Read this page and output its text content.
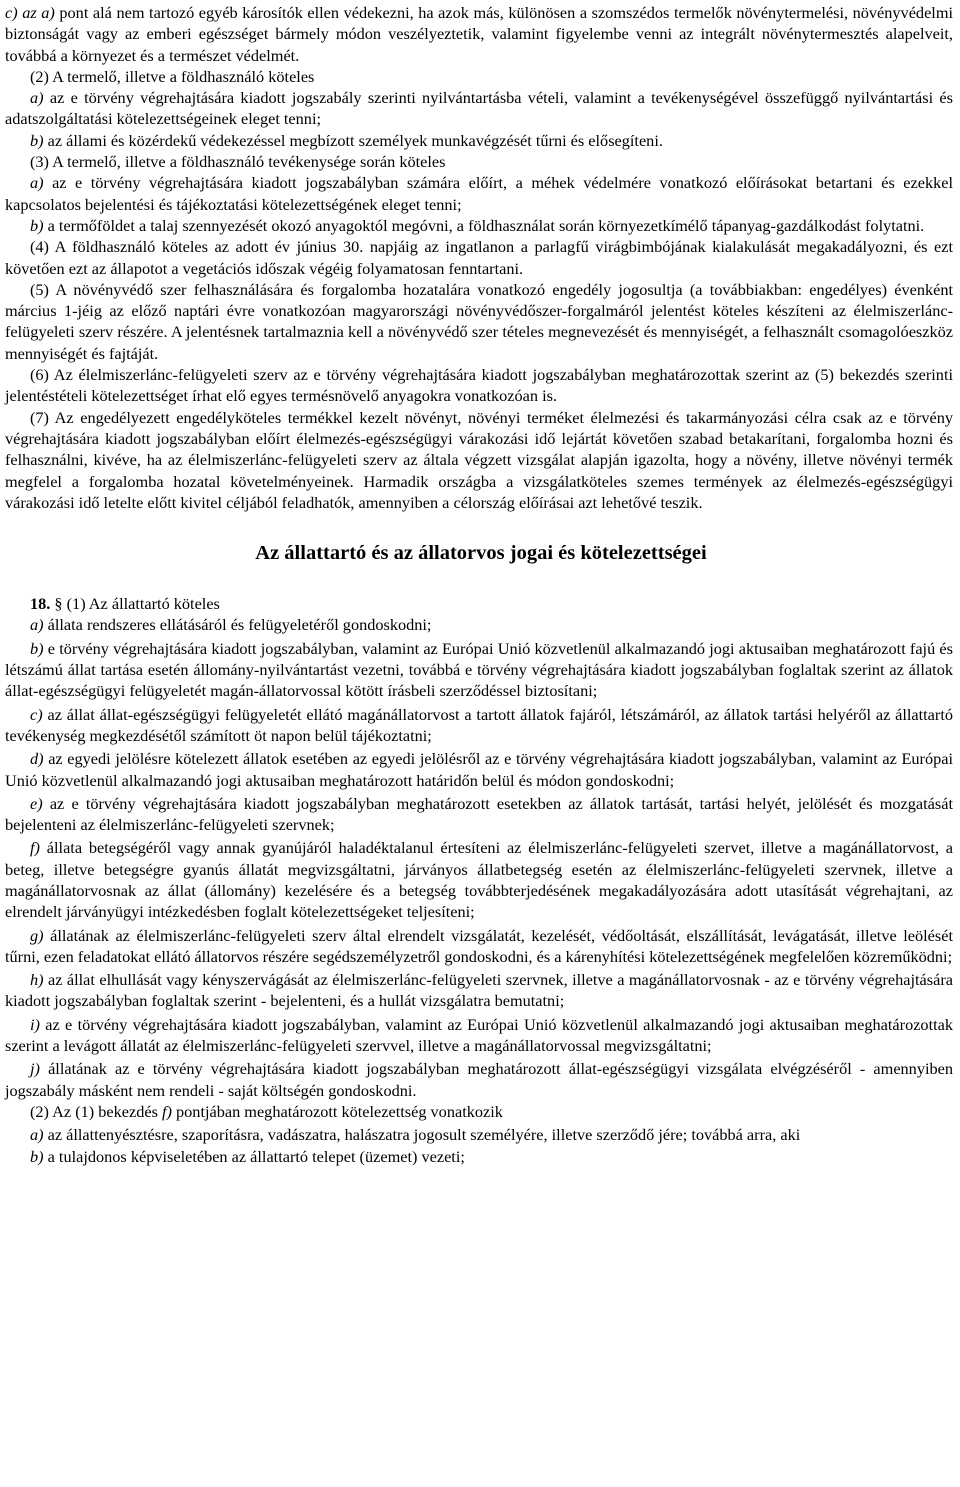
c) az a) pont alá nem tartozó egyéb károsítók ellen védekezni, ha azok más, különösen a szomszédos termelők növénytermelési, növényvédelmi biztonságát vagy az emberi egészséget bármely módon veszélyeztetik, valamint figyelembe venni az integrált növénytermesztés alapelveit, továbbá a környezet és a természet védelmét.

(2) A termelő, illetve a földhasználó köteles

a) az e törvény végrehajtására kiadott jogszabály szerinti nyilvántartásba vételi, valamint a tevékenységével összefüggő nyilvántartási és adatszolgáltatási kötelezettségeinek eleget tenni;

b) az állami és közérdekű védekezéssel megbízott személyek munkavégzését tűrni és elősegíteni.

(3) A termelő, illetve a földhasználó tevékenysége során köteles

a) az e törvény végrehajtására kiadott jogszabályban számára előírt, a méhek védelmére vonatkozó előírásokat betartani és ezekkel kapcsolatos bejelentési és tájékoztatási kötelezettségének eleget tenni;

b) a termőföldet a talaj szennyezését okozó anyagoktól megóvni, a földhasználat során környezetkímélő tápanyag-gazdálkodást folytatni.

(4) A földhasználó köteles az adott év június 30. napjáig az ingatlanon a parlagfű virágbimbójának kialakulását megakadályozni, és ezt követően ezt az állapotot a vegetációs időszak végéig folyamatosan fenntartani.

(5) A növényvédő szer felhasználására és forgalomba hozatalára vonatkozó engedély jogosultja (a továbbiakban: engedélyes) évenként március 1-jéig az előző naptári évre vonatkozóan magyarországi növényvédőszer-forgalmáról jelentést köteles készíteni az élelmiszerlánc-felügyeleti szerv részére. A jelentésnek tartalmaznia kell a növényvédő szer tételes megnevezését és mennyiségét, a felhasznált csomagolóeszköz mennyiségét és fajtáját.

(6) Az élelmiszerlánc-felügyeleti szerv az e törvény végrehajtására kiadott jogszabályban meghatározottak szerint az (5) bekezdés szerinti jelentéstételi kötelezettséget írhat elő egyes termésnövelő anyagokra vonatkozóan is.

(7) Az engedélyezett engedélyköteles termékkel kezelt növényt, növényi terméket élelmezési és takarmányozási célra csak az e törvény végrehajtására kiadott jogszabályban előírt élelmezés-egészségügyi várakozási idő lejártát követően szabad betakarítani, forgalomba hozni és felhasználni, kivéve, ha az élelmiszerlánc-felügyeleti szerv az általa végzett vizsgálat alapján igazolta, hogy a növény, illetve növényi termék megfelel a forgalomba hozatal követelményeinek. Harmadik országba a vizsgálatköteles szemes termények az élelmezés-egészségügyi várakozási idő letelte előtt kivitel céljából feladhatók, amennyiben a célország előírásai azt lehetővé teszik.

Az állattartó és az állatorvos jogai és kötelezettségei

18. § (1) Az állattartó köteles

a) állata rendszeres ellátásáról és felügyeletéről gondoskodni;

b) e törvény végrehajtására kiadott jogszabályban, valamint az Európai Unió közvetlenül alkalmazandó jogi aktusaiban meghatározott fajú és létszámú állat tartása esetén állomány-nyilvántartást vezetni, továbbá e törvény végrehajtására kiadott jogszabályban foglaltak szerint az állatok állat-egészségügyi felügyeletét magán-állatorvossal kötött írásbeli szerződéssel biztosítani;

c) az állat állat-egészségügyi felügyeletét ellátó magánállatorvost a tartott állatok fajáról, létszámáról, az állatok tartási helyéről az állattartó tevékenység megkezdésétől számított öt napon belül tájékoztatni;

d) az egyedi jelölésre kötelezett állatok esetében az egyedi jelölésről az e törvény végrehajtására kiadott jogszabályban, valamint az Európai Unió közvetlenül alkalmazandó jogi aktusaiban meghatározott határidőn belül és módon gondoskodni;

e) az e törvény végrehajtására kiadott jogszabályban meghatározott esetekben az állatok tartását, tartási helyét, jelölését és mozgatását bejelenteni az élelmiszerlánc-felügyeleti szervnek;

f) állata betegségéről vagy annak gyanújáról haladéktalanul értesíteni az élelmiszerlánc-felügyeleti szervet, illetve a magánállatorvost, a beteg, illetve betegségre gyanús állatát megvizsgáltatni, járványos állatbetegség esetén az élelmiszerlánc-felügyeleti szervnek, illetve a magánállatorvosnak az állat (állomány) kezelésére és a betegség továbbterjedésének megakadályozására adott utasítását végrehajtani, az elrendelt járványügyi intézkedésben foglalt kötelezettségeket teljesíteni;

g) állatának az élelmiszerlánc-felügyeleti szerv által elrendelt vizsgálatát, kezelését, védőoltását, elszállítását, levágatását, illetve leölését tűrni, ezen feladatokat ellátó állatorvos részére segédszemélyzetről gondoskodni, és a kárenyhítési kötelezettségének megfelelően közreműködni;

h) az állat elhullását vagy kényszervágását az élelmiszerlánc-felügyeleti szervnek, illetve a magánállatorvosnak - az e törvény végrehajtására kiadott jogszabályban foglaltak szerint - bejelenteni, és a hullát vizsgálatra bemutatni;

i) az e törvény végrehajtására kiadott jogszabályban, valamint az Európai Unió közvetlenül alkalmazandó jogi aktusaiban meghatározottak szerint a levágott állatát az élelmiszerlánc-felügyeleti szervvel, illetve a magánállatorvossal megvizsgáltatni;

j) állatának az e törvény végrehajtására kiadott jogszabályban meghatározott állat-egészségügyi vizsgálata elvégzéséről - amennyiben jogszabály másként nem rendeli - saját költségén gondoskodni.

(2) Az (1) bekezdés f) pontjában meghatározott kötelezettség vonatkozik

a) az állattenyésztésre, szaporításra, vadászatra, halászatra jogosult személyére, illetve szerződő jére; továbbá arra, aki

b) a tulajdonos képviseletében az állattartó telepet (üzemet) vezeti;
